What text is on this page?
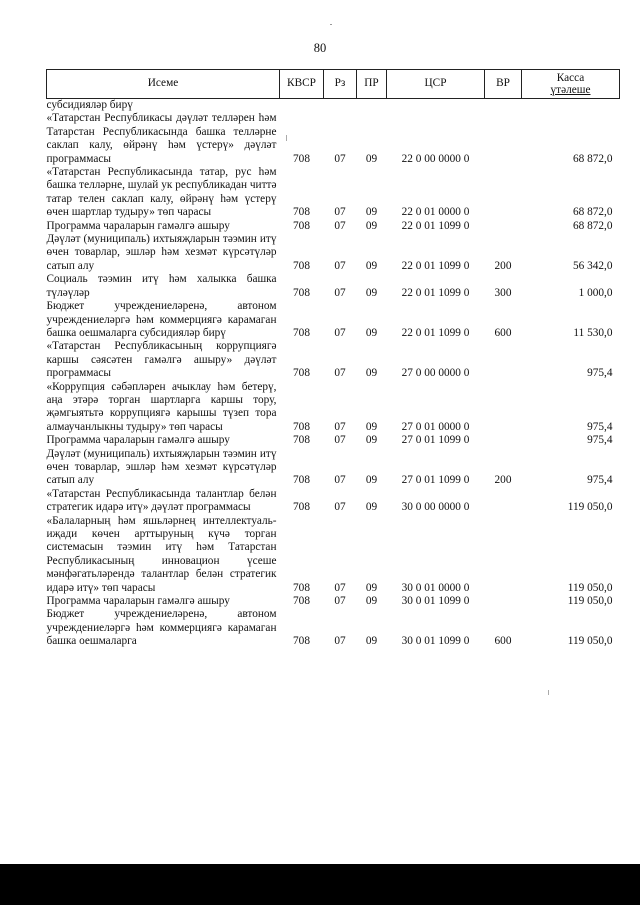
80
Исеме	КВСР	Рз	ПР	ЦСР	ВР	Касса
үтәлеше

субсидияләр бирү						
«Татарстан Республикасы дәүләт телләрен һәм Татарстан Республикасында башка телләрне саклап калу, өйрәнү һәм үстерү» дәүләт программасы	708	07	09	22 0 00 0000 0		68 872,0
«Татарстан Республикасында татар, рус һәм башка телләрне, шулай ук республикадан читтә татар телен саклап калу, өйрәнү һәм үстерү өчен шартлар тудыру» төп чарасы	708	07	09	22 0 01 0000 0		68 872,0
Программа чараларын гамәлгә ашыру	708	07	09	22 0 01 1099 0		68 872,0
Дәүләт (муниципаль) ихтыяҗларын тәэмин итү өчен товарлар, эшләр һәм хезмәт күрсәтүләр сатып алу	708	07	09	22 0 01 1099 0	200	56 342,0
Социаль тәэмин итү һәм халыкка башка түләүләр	708	07	09	22 0 01 1099 0	300	1 000,0
Бюджет учреждениеләренә, автоном учреждениеләргә һәм коммерциягә карамаган башка оешмаларга субсидияләр бирү	708	07	09	22 0 01 1099 0	600	11 530,0
«Татарстан Республикасының коррупциягә каршы сәясәтен гамәлгә ашыру» дәүләт программасы	708	07	09	27 0 00 0000 0		975,4
«Коррупция сәбәпләрен ачыклау һәм бетерү, аңа этәрә торган шартларга каршы тору, җәмгыятьтә коррупциягә карышы түзеп тора алмаучанлыкны тудыру» төп чарасы	708	07	09	27 0 01 0000 0		975,4
Программа чараларын гамәлгә ашыру	708	07	09	27 0 01 1099 0		975,4
Дәүләт (муниципаль) ихтыяҗларын тәэмин итү өчен товарлар, эшләр һәм хезмәт күрсәтүләр сатып алу	708	07	09	27 0 01 1099 0	200	975,4
«Татарстан Республикасында талантлар белән стратегик идарә итү» дәүләт программасы	708	07	09	30 0 00 0000 0		119 050,0
«Балаларның һәм яшьләрнең интеллектуаль-иҗади көчен арттыруның күчә торган системасын тәэмин итү һәм Татарстан Республикасының инновацион үсеше мәнфәгатьләрендә талантлар белән стратегик идарә итү» төп чарасы	708	07	09	30 0 01 0000 0		119 050,0
Программа чараларын гамәлгә ашыру	708	07	09	30 0 01 1099 0		119 050,0
Бюджет учреждениеләренә, автоном учреждениеләргә һәм коммерциягә карамаган башка оешмаларга	708	07	09	30 0 01 1099 0	600	119 050,0
